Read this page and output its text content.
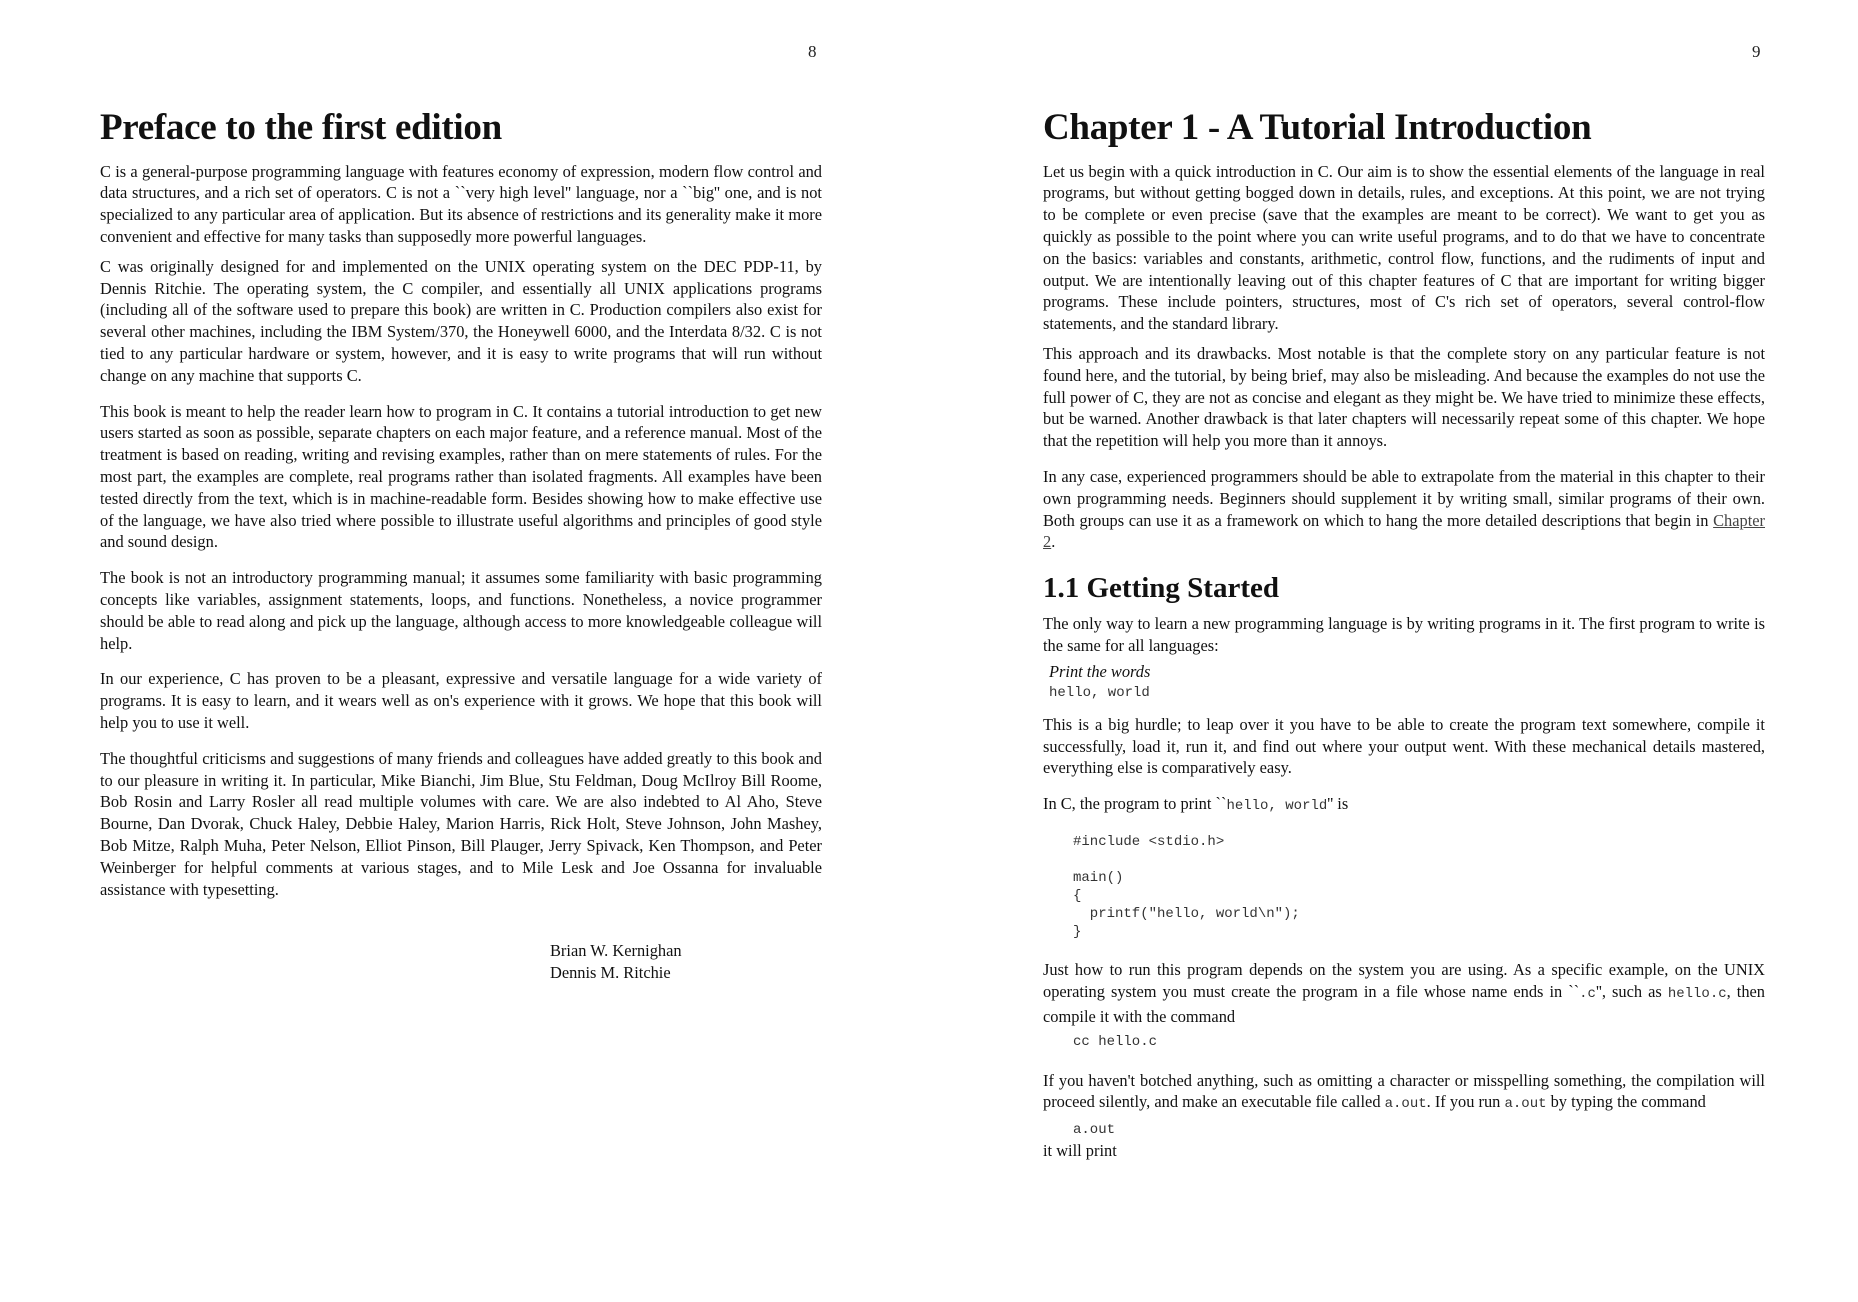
8
Preface to the first edition

C is a general-purpose programming language with features economy of expression, modern flow control and data structures, and a rich set of operators. C is not a ``very high level'' language, nor a ``big'' one, and is not specialized to any particular area of application. But its absence of restrictions and its generality make it more convenient and effective for many tasks than supposedly more powerful languages.

C was originally designed for and implemented on the UNIX operating system on the DEC PDP-11, by Dennis Ritchie. The operating system, the C compiler, and essentially all UNIX applications programs (including all of the software used to prepare this book) are written in C. Production compilers also exist for several other machines, including the IBM System/370, the Honeywell 6000, and the Interdata 8/32. C is not tied to any particular hardware or system, however, and it is easy to write programs that will run without change on any machine that supports C.

This book is meant to help the reader learn how to program in C. It contains a tutorial introduction to get new users started as soon as possible, separate chapters on each major feature, and a reference manual. Most of the treatment is based on reading, writing and revising examples, rather than on mere statements of rules. For the most part, the examples are complete, real programs rather than isolated fragments. All examples have been tested directly from the text, which is in machine-readable form. Besides showing how to make effective use of the language, we have also tried where possible to illustrate useful algorithms and principles of good style and sound design.

The book is not an introductory programming manual; it assumes some familiarity with basic programming concepts like variables, assignment statements, loops, and functions. Nonetheless, a novice programmer should be able to read along and pick up the language, although access to more knowledgeable colleague will help.

In our experience, C has proven to be a pleasant, expressive and versatile language for a wide variety of programs. It is easy to learn, and it wears well as on's experience with it grows. We hope that this book will help you to use it well.

The thoughtful criticisms and suggestions of many friends and colleagues have added greatly to this book and to our pleasure in writing it. In particular, Mike Bianchi, Jim Blue, Stu Feldman, Doug McIlroy Bill Roome, Bob Rosin and Larry Rosler all read multiple volumes with care. We are also indebted to Al Aho, Steve Bourne, Dan Dvorak, Chuck Haley, Debbie Haley, Marion Harris, Rick Holt, Steve Johnson, John Mashey, Bob Mitze, Ralph Muha, Peter Nelson, Elliot Pinson, Bill Plauger, Jerry Spivack, Ken Thompson, and Peter Weinberger for helpful comments at various stages, and to Mile Lesk and Joe Ossanna for invaluable assistance with typesetting.

Brian W. Kernighan
Dennis M. Ritchie
9
Chapter 1 - A Tutorial Introduction

Let us begin with a quick introduction in C. Our aim is to show the essential elements of the language in real programs, but without getting bogged down in details, rules, and exceptions. At this point, we are not trying to be complete or even precise (save that the examples are meant to be correct). We want to get you as quickly as possible to the point where you can write useful programs, and to do that we have to concentrate on the basics: variables and constants, arithmetic, control flow, functions, and the rudiments of input and output. We are intentionally leaving out of this chapter features of C that are important for writing bigger programs. These include pointers, structures, most of C's rich set of operators, several control-flow statements, and the standard library.

This approach and its drawbacks. Most notable is that the complete story on any particular feature is not found here, and the tutorial, by being brief, may also be misleading. And because the examples do not use the full power of C, they are not as concise and elegant as they might be. We have tried to minimize these effects, but be warned. Another drawback is that later chapters will necessarily repeat some of this chapter. We hope that the repetition will help you more than it annoys.

In any case, experienced programmers should be able to extrapolate from the material in this chapter to their own programming needs. Beginners should supplement it by writing small, similar programs of their own. Both groups can use it as a framework on which to hang the more detailed descriptions that begin in Chapter 2.

1.1 Getting Started

The only way to learn a new programming language is by writing programs in it. The first program to write is the same for all languages:

Print the words
hello, world

This is a big hurdle; to leap over it you have to be able to create the program text somewhere, compile it successfully, load it, run it, and find out where your output went. With these mechanical details mastered, everything else is comparatively easy.

In C, the program to print ``hello, world'' is
#include <stdio.h>

main()
{
printf("hello, world\n");
}

Just how to run this program depends on the system you are using. As a specific example, on the UNIX operating system you must create the program in a file whose name ends in ``.c'', such as hello.c, then compile it with the command

cc hello.c

If you haven't botched anything, such as omitting a character or misspelling something, the compilation will proceed silently, and make an executable file called a.out. If you run a.out by typing the command

a.out
it will print
